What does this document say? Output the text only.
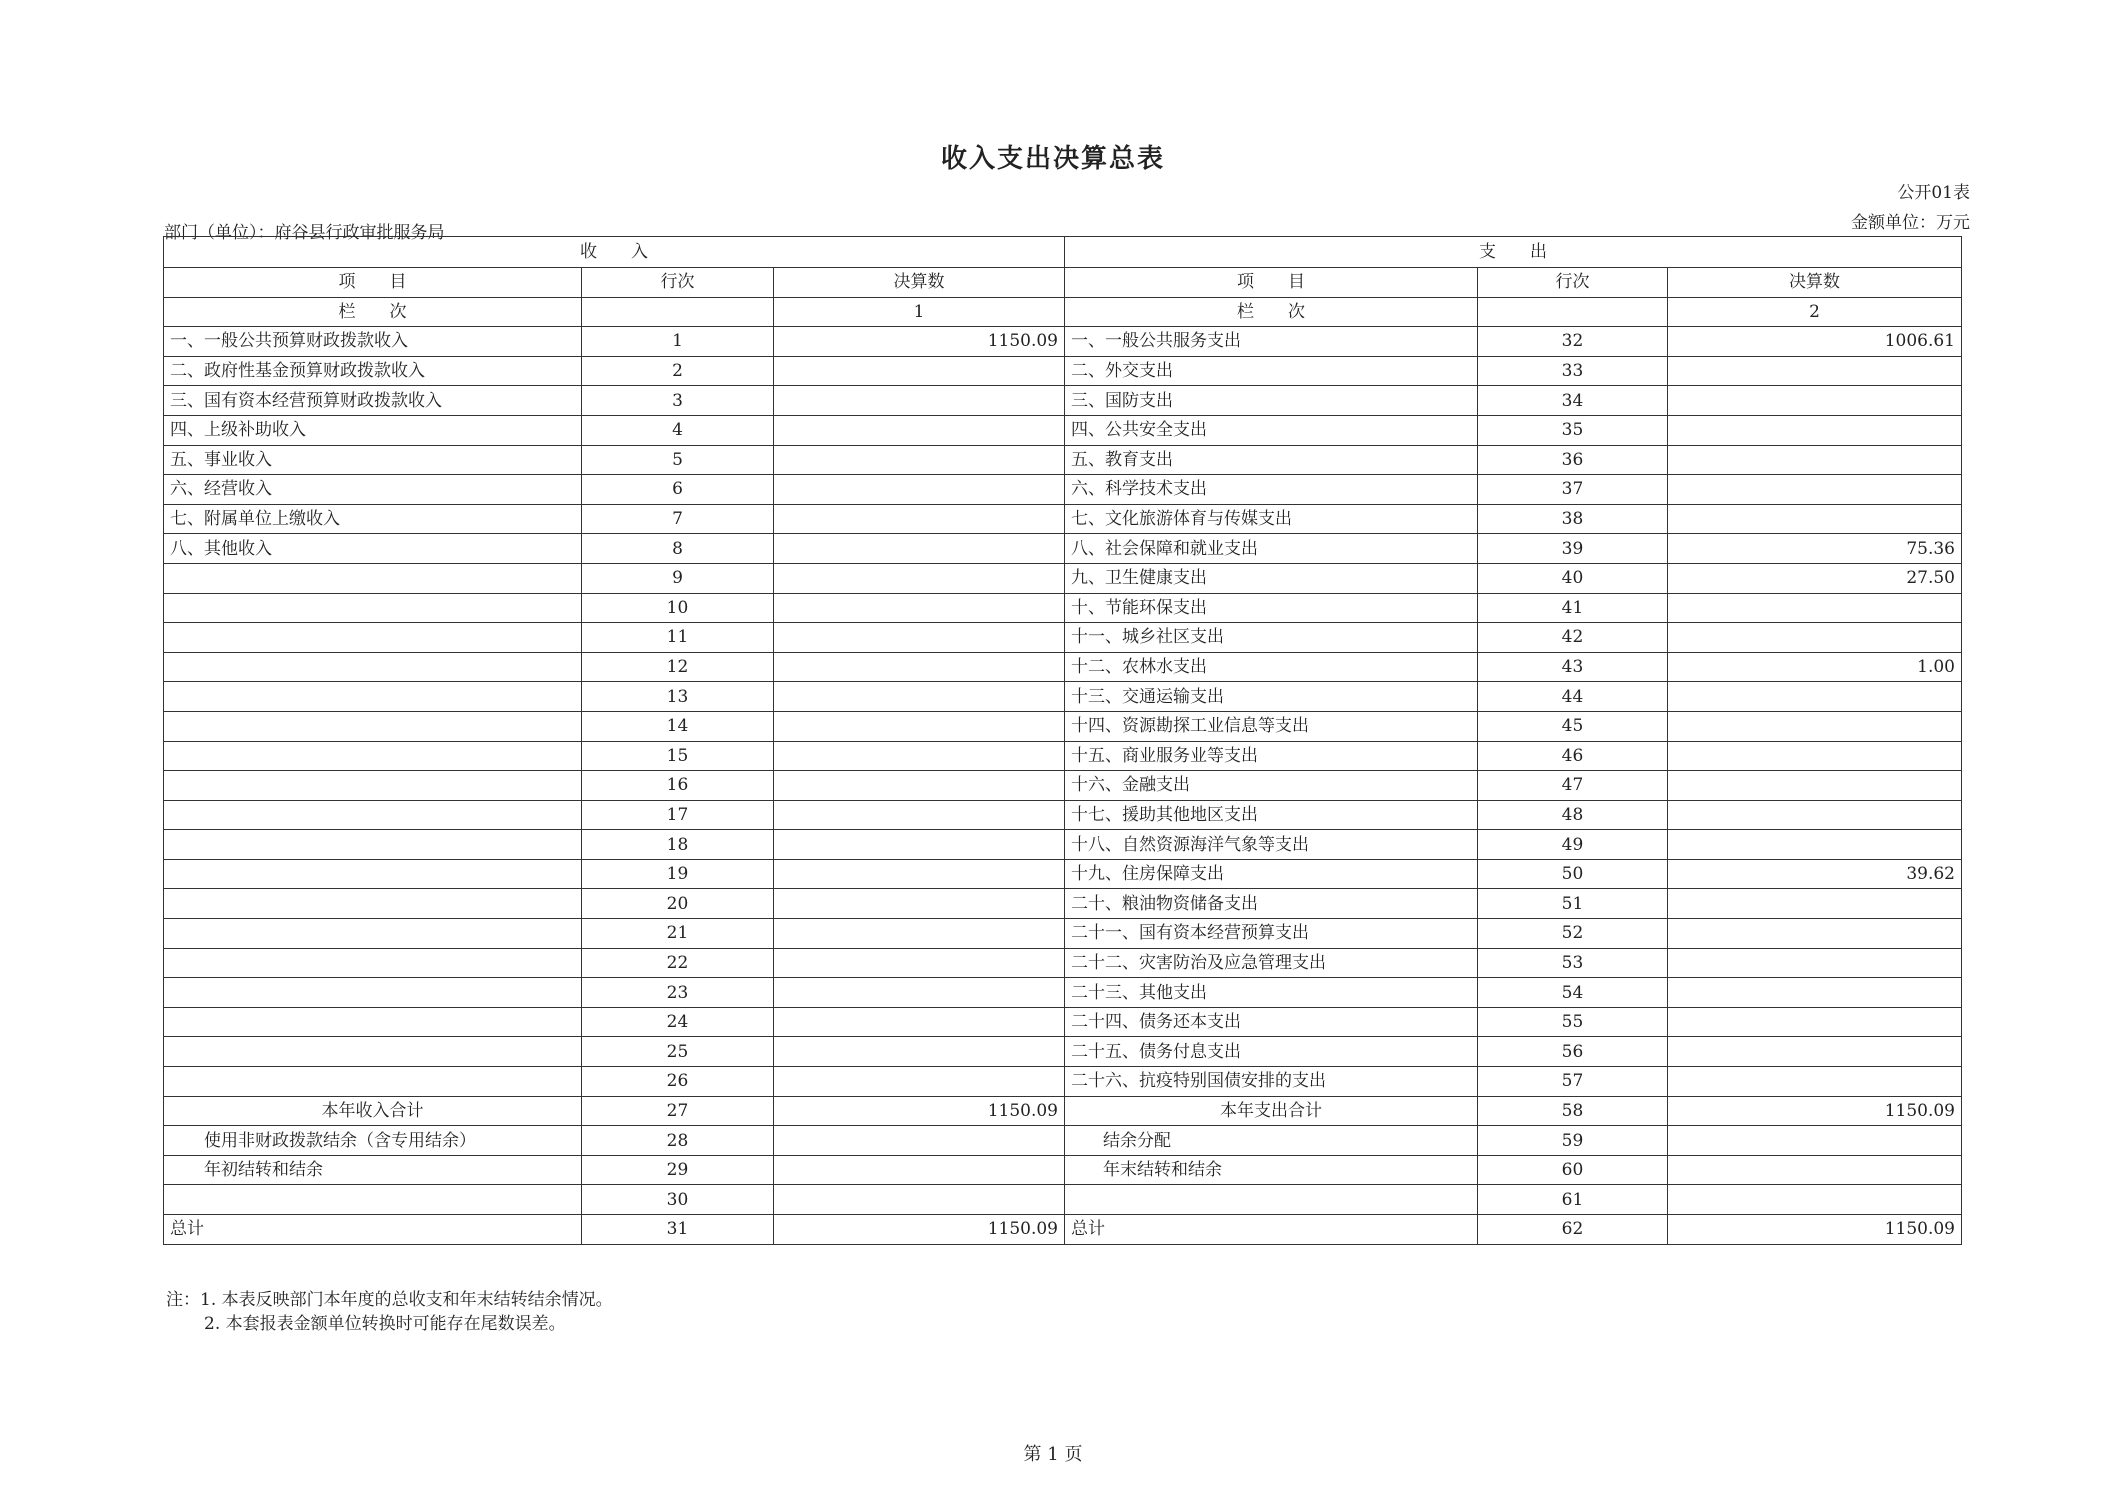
收入支出决算总表
公开01表
金额单位：万元
部门（单位）：府谷县行政审批服务局
收　　入			支　　出		
项　　目	行次	决算数	项　　目	行次	决算数
栏　　次		1	栏　　次		2
一、一般公共预算财政拨款收入	1	1150.09	一、一般公共服务支出	32	1006.61
二、政府性基金预算财政拨款收入	2		二、外交支出	33	
三、国有资本经营预算财政拨款收入	3		三、国防支出	34	
四、上级补助收入	4		四、公共安全支出	35	
五、事业收入	5		五、教育支出	36	
六、经营收入	6		六、科学技术支出	37	
七、附属单位上缴收入	7		七、文化旅游体育与传媒支出	38	
八、其他收入	8		八、社会保障和就业支出	39	75.36
	9		九、卫生健康支出	40	27.50
	10		十、节能环保支出	41	
	11		十一、城乡社区支出	42	
	12		十二、农林水支出	43	1.00
	13		十三、交通运输支出	44	
	14		十四、资源勘探工业信息等支出	45	
	15		十五、商业服务业等支出	46	
	16		十六、金融支出	47	
	17		十七、援助其他地区支出	48	
	18		十八、自然资源海洋气象等支出	49	
	19		十九、住房保障支出	50	39.62
	20		二十、粮油物资储备支出	51	
	21		二十一、国有资本经营预算支出	52	
	22		二十二、灾害防治及应急管理支出	53	
	23		二十三、其他支出	54	
	24		二十四、债务还本支出	55	
	25		二十五、债务付息支出	56	
	26		二十六、抗疫特别国债安排的支出	57	
本年收入合计	27	1150.09	本年支出合计	58	1150.09
使用非财政拨款结余（含专用结余）	28		结余分配	59	
年初结转和结余	29		年末结转和结余	60	
	30			61	
总计	31	1150.09	总计	62	1150.09
注：1. 本表反映部门本年度的总收支和年末结转结余情况。
2. 本套报表金额单位转换时可能存在尾数误差。
第 1 页
